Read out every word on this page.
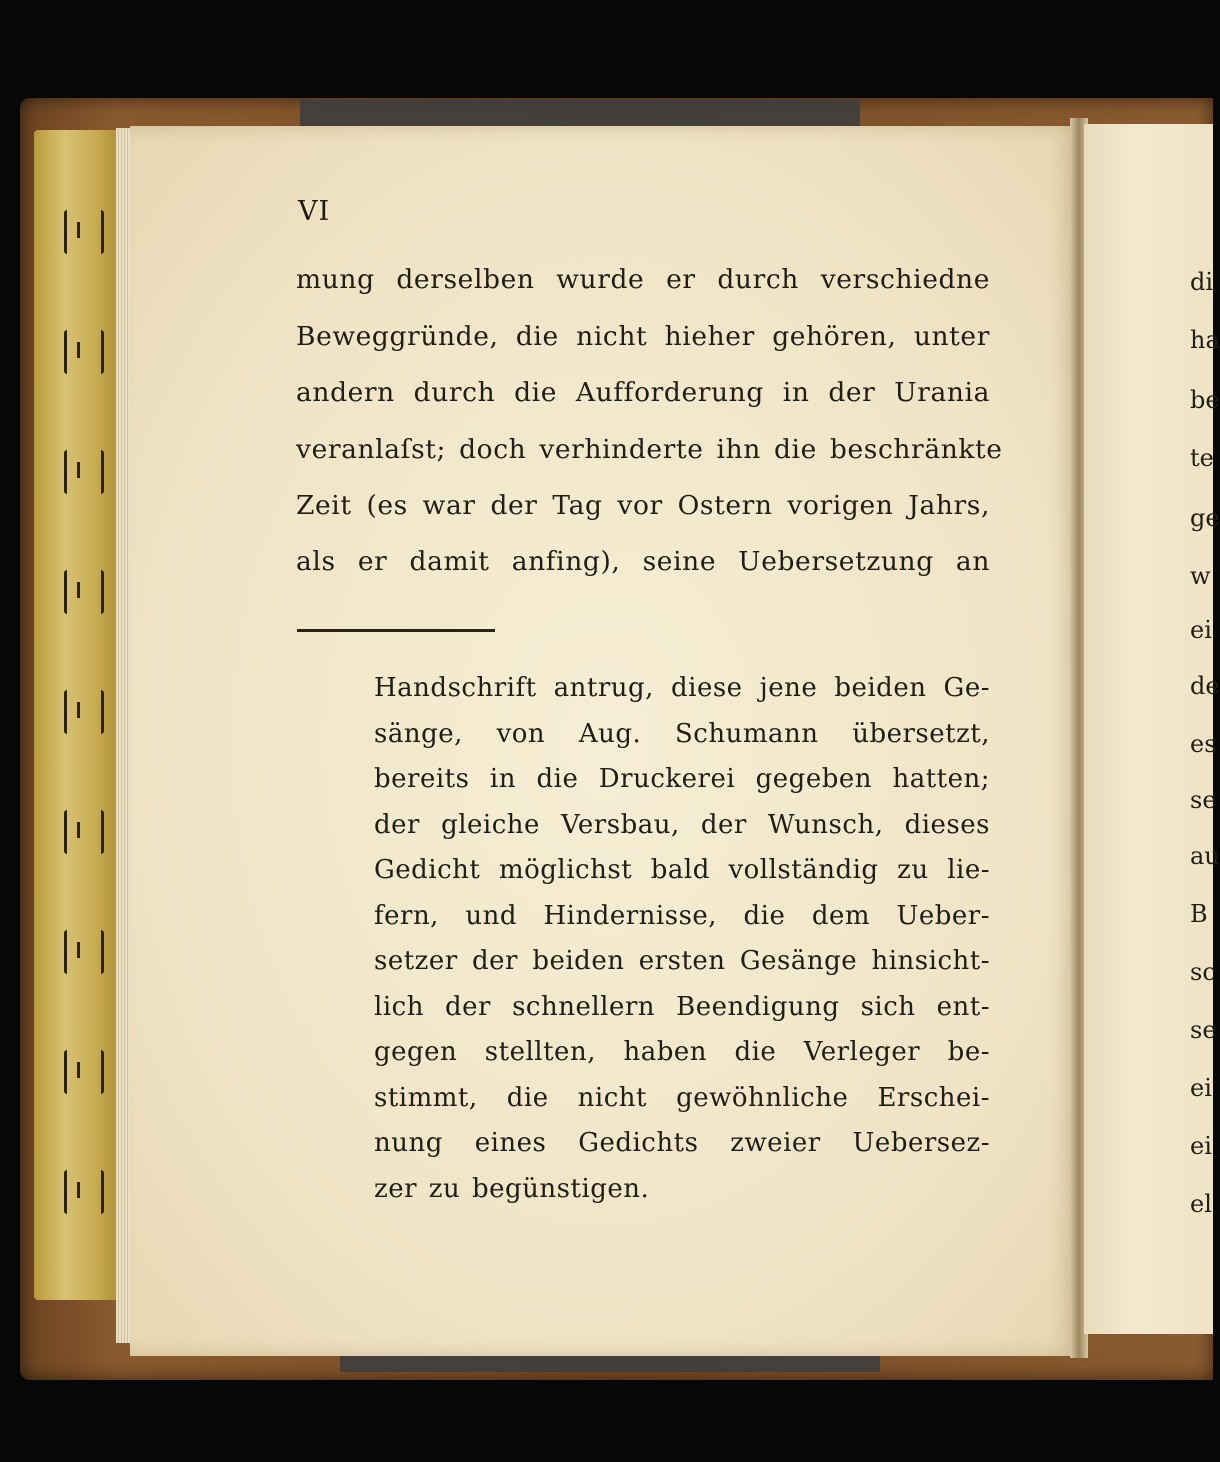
VI

mung derselben wurde er durch verschiedne

Beweggründe, die nicht hieher gehören, unter

andern durch die Aufforderung in der Urania

veranlaſst; doch verhinderte ihn die beschränkte

Zeit (es war der Tag vor Ostern vorigen Jahrs,

als er damit anfing), seine Uebersetzung an

Handschrift antrug, diese jene beiden Ge-

sänge, von Aug. Schumann übersetzt,

bereits in die Druckerei gegeben hatten;

der gleiche Versbau, der Wunsch, dieses

Gedicht möglichst bald vollständig zu lie-

fern, und Hindernisse, die dem Ueber-

setzer der beiden ersten Gesänge hinsicht-

lich der schnellern Beendigung sich ent-

gegen stellten, haben die Verleger be-

stimmt, die nicht gewöhnliche Erschei-

nung eines Gedichts zweier Uebersez-

zer zu begünstigen.

di

ha

be

te

ge

w

ei

de

es

se

au

B

sc

se

ei

ei

el
